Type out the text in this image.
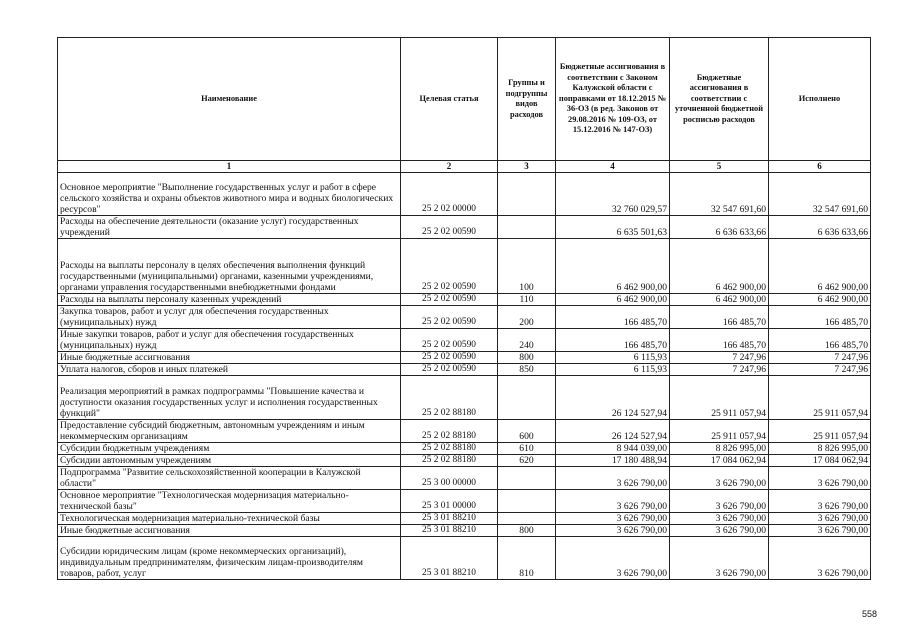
Наименование	Целевая статья	Группы и подгруппы видов расходов	Бюджетные ассигнования в соответствии с Законом Калужской области с поправками от 18.12.2015 № 36-ОЗ (в ред. Законов от 29.08.2016 № 109-ОЗ, от 15.12.2016 № 147-ОЗ)	Бюджетные ассигнования в соответствии с уточненной бюджетной росписью расходов	Исполнено
1	2	3	4	5	6
Основное мероприятие "Выполнение государственных услуг и работ в сфере сельского хозяйства и охраны объектов животного мира и водных биологических ресурсов"	25 2 02 00000		32 760 029,57	32 547 691,60	32 547 691,60
Расходы на обеспечение деятельности (оказание услуг) государственных учреждений	25 2 02 00590		6 635 501,63	6 636 633,66	6 636 633,66
Расходы на выплаты персоналу в целях обеспечения выполнения функций государственными (муниципальными) органами, казенными учреждениями, органами управления государственными внебюджетными фондами	25 2 02 00590	100	6 462 900,00	6 462 900,00	6 462 900,00
Расходы на выплаты персоналу казенных учреждений	25 2 02 00590	110	6 462 900,00	6 462 900,00	6 462 900,00
Закупка товаров, работ и услуг для обеспечения государственных (муниципальных) нужд	25 2 02 00590	200	166 485,70	166 485,70	166 485,70
Иные закупки товаров, работ и услуг для обеспечения государственных (муниципальных) нужд	25 2 02 00590	240	166 485,70	166 485,70	166 485,70
Иные бюджетные ассигнования	25 2 02 00590	800	6 115,93	7 247,96	7 247,96
Уплата налогов, сборов и иных платежей	25 2 02 00590	850	6 115,93	7 247,96	7 247,96
Реализация мероприятий в рамках подпрограммы "Повышение качества и доступности оказания государственных услуг и исполнения государственных функций"	25 2 02 88180		26 124 527,94	25 911 057,94	25 911 057,94
Предоставление субсидий бюджетным, автономным учреждениям и иным некоммерческим организациям	25 2 02 88180	600	26 124 527,94	25 911 057,94	25 911 057,94
Субсидии бюджетным учреждениям	25 2 02 88180	610	8 944 039,00	8 826 995,00	8 826 995,00
Субсидии автономным учреждениям	25 2 02 88180	620	17 180 488,94	17 084 062,94	17 084 062,94
Подпрограмма "Развитие сельскохозяйственной кооперации в Калужской области"	25 3 00 00000		3 626 790,00	3 626 790,00	3 626 790,00
Основное мероприятие "Технологическая модернизация материально-технической базы"	25 3 01 00000		3 626 790,00	3 626 790,00	3 626 790,00
Технологическая модернизация материально-технической базы	25 3 01 88210		3 626 790,00	3 626 790,00	3 626 790,00
Иные бюджетные ассигнования	25 3 01 88210	800	3 626 790,00	3 626 790,00	3 626 790,00
Субсидии юридическим лицам (кроме некоммерческих организаций), индивидуальным предпринимателям, физическим лицам-производителям товаров, работ, услуг	25 3 01 88210	810	3 626 790,00	3 626 790,00	3 626 790,00
558
